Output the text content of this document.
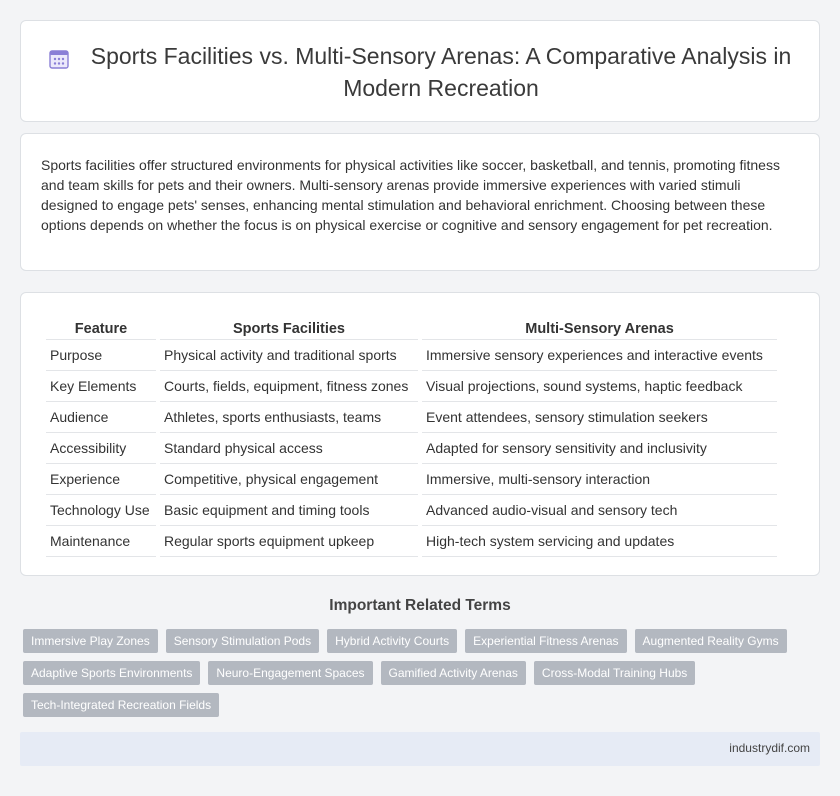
Sports Facilities vs. Multi-Sensory Arenas: A Comparative Analysis in Modern Recreation

Sports facilities offer structured environments for physical activities like soccer, basketball, and tennis, promoting fitness and team skills for pets and their owners. Multi-sensory arenas provide immersive experiences with varied stimuli designed to engage pets' senses, enhancing mental stimulation and behavioral enrichment. Choosing between these options depends on whether the focus is on physical exercise or cognitive and sensory engagement for pet recreation.

Feature	Sports Facilities	Multi-Sensory Arenas
Purpose	Physical activity and traditional sports	Immersive sensory experiences and interactive events
Key Elements	Courts, fields, equipment, fitness zones	Visual projections, sound systems, haptic feedback
Audience	Athletes, sports enthusiasts, teams	Event attendees, sensory stimulation seekers
Accessibility	Standard physical access	Adapted for sensory sensitivity and inclusivity
Experience	Competitive, physical engagement	Immersive, multi-sensory interaction
Technology Use	Basic equipment and timing tools	Advanced audio-visual and sensory tech
Maintenance	Regular sports equipment upkeep	High-tech system servicing and updates
Important Related Terms
Immersive Play Zones	Sensory Stimulation Pods	Hybrid Activity Courts	Experiential Fitness Arenas	Augmented Reality Gyms
Adaptive Sports Environments	Neuro-Engagement Spaces	Gamified Activity Arenas	Cross-Modal Training Hubs
Tech-Integrated Recreation Fields
industrydif.com
